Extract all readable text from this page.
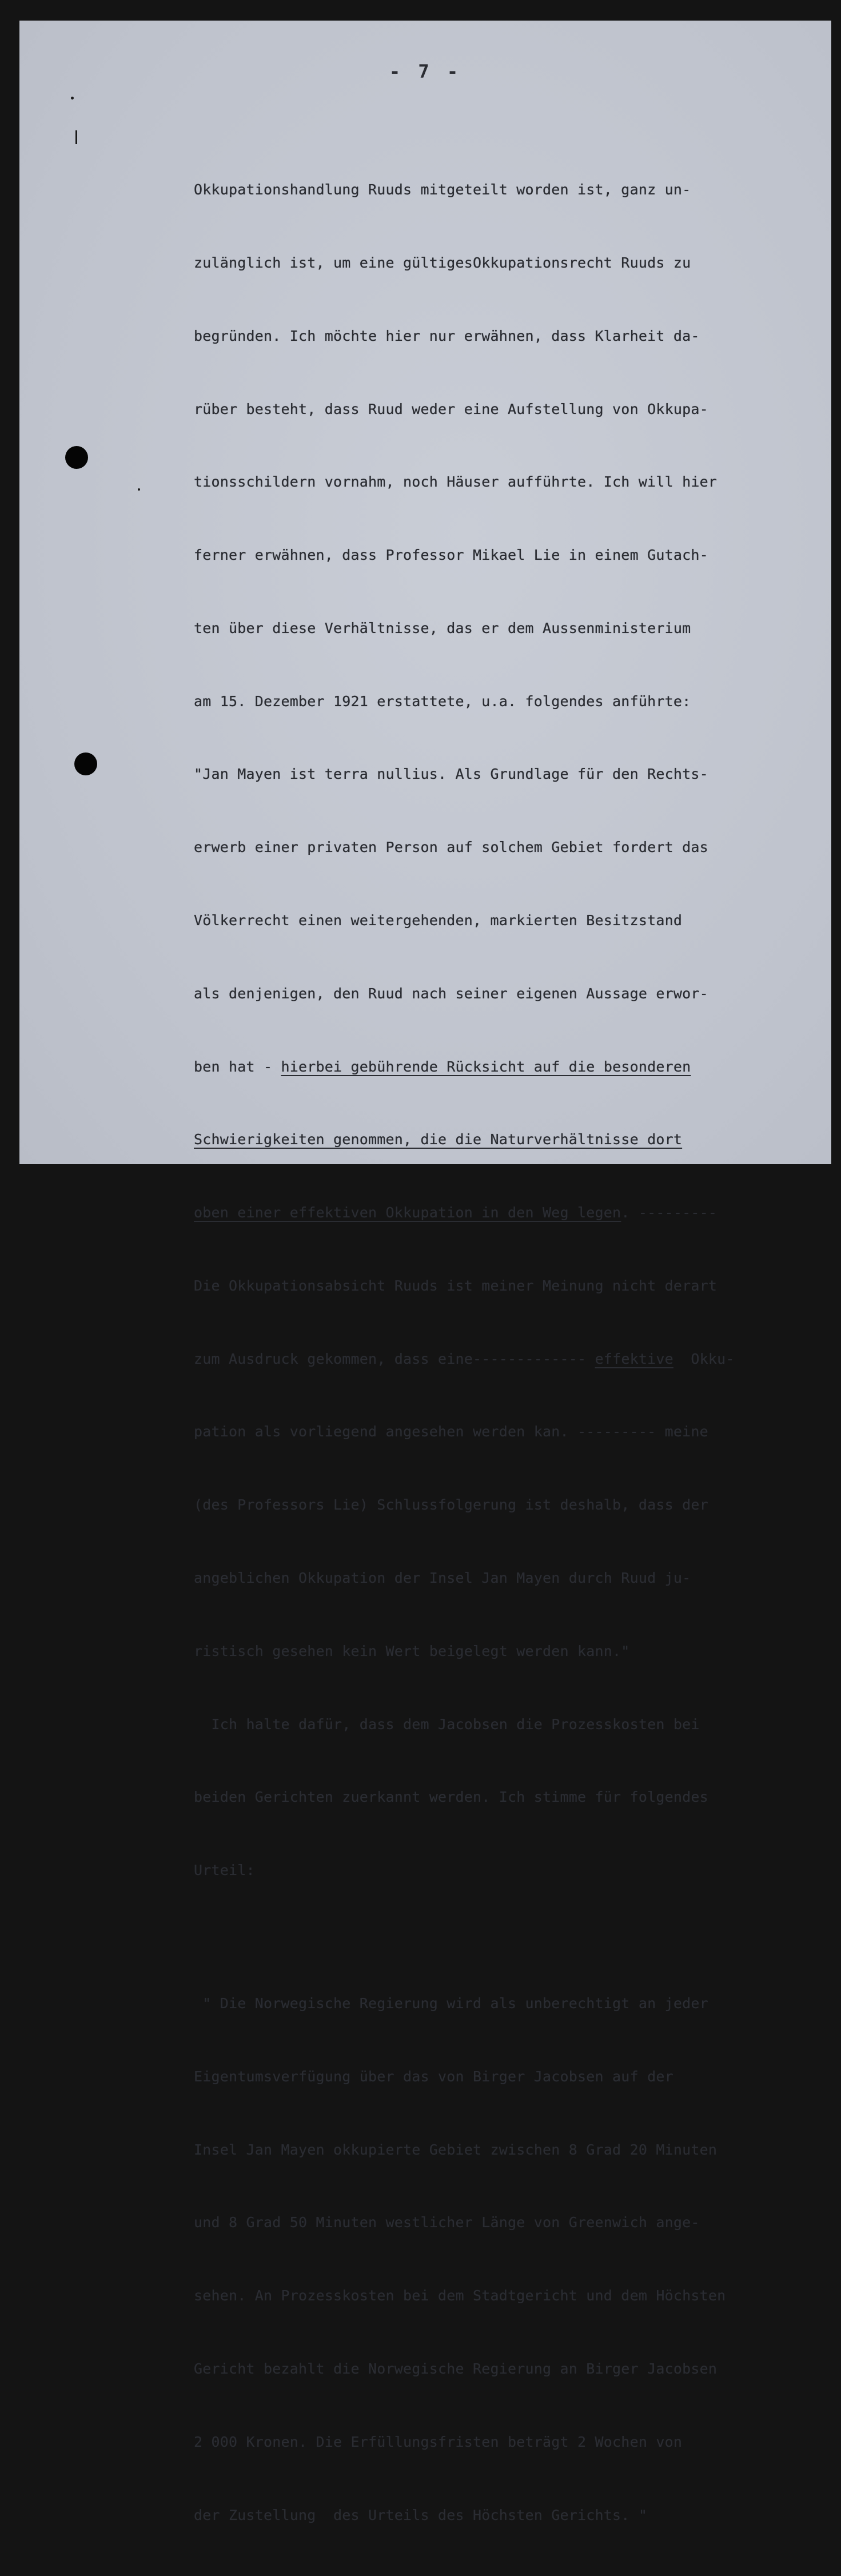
- 7 -

Okkupationshandlung Ruuds mitgeteilt worden ist, ganz un-

zulänglich ist, um eine gültigesOkkupationsrecht Ruuds zu

begründen. Ich möchte hier nur erwähnen, dass Klarheit da-

rüber besteht, dass Ruud weder eine Aufstellung von Okkupa-

tionsschildern vornahm, noch Häuser aufführte. Ich will hier

ferner erwähnen, dass Professor Mikael Lie in einem Gutach-

ten über diese Verhältnisse, das er dem Aussenministerium

am 15. Dezember 1921 erstattete, u.a. folgendes anführte:

"Jan Mayen ist terra nullius. Als Grundlage für den Rechts-

erwerb einer privaten Person auf solchem Gebiet fordert das

Völkerrecht einen weitergehenden, markierten Besitzstand

als denjenigen, den Ruud nach seiner eigenen Aussage erwor-

ben hat - hierbei gebührende Rücksicht auf die besonderen

Schwierigkeiten genommen, die die Naturverhältnisse dort

oben einer effektiven Okkupation in den Weg legen. ---------

Die Okkupationsabsicht Ruuds ist meiner Meinung nicht derart

zum Ausdruck gekommen, dass eine------------- effektive  Okku-

pation als vorliegend angesehen werden kan. --------- meine

(des Professors Lie) Schlussfolgerung ist deshalb, dass der

angeblichen Okkupation der Insel Jan Mayen durch Ruud ju-

ristisch gesehen kein Wert beigelegt werden kann."

Ich halte dafür, dass dem Jacobsen die Prozesskosten bei

beiden Gerichten zuerkannt werden. Ich stimme für folgendes

Urteil:

" Die Norwegische Regierung wird als unberechtigt an jeder

Eigentumsverfügung über das von Birger Jacobsen auf der

Insel Jan Mayen okkupierte Gebiet zwischen 8 Grad 20 Minuten

und 8 Grad 50 Minuten westlicher Länge von Greenwich ange-

sehen. An Prozesskosten bei dem Stadtgericht und dem Höchsten

Gericht bezahlt die Norwegische Regierung an Birger Jacobsen

2 000 Kronen. Die Erfüllungsfristen beträgt 2 Wochen von

der Zustellung  des Urteils des Höchsten Gerichts. "
